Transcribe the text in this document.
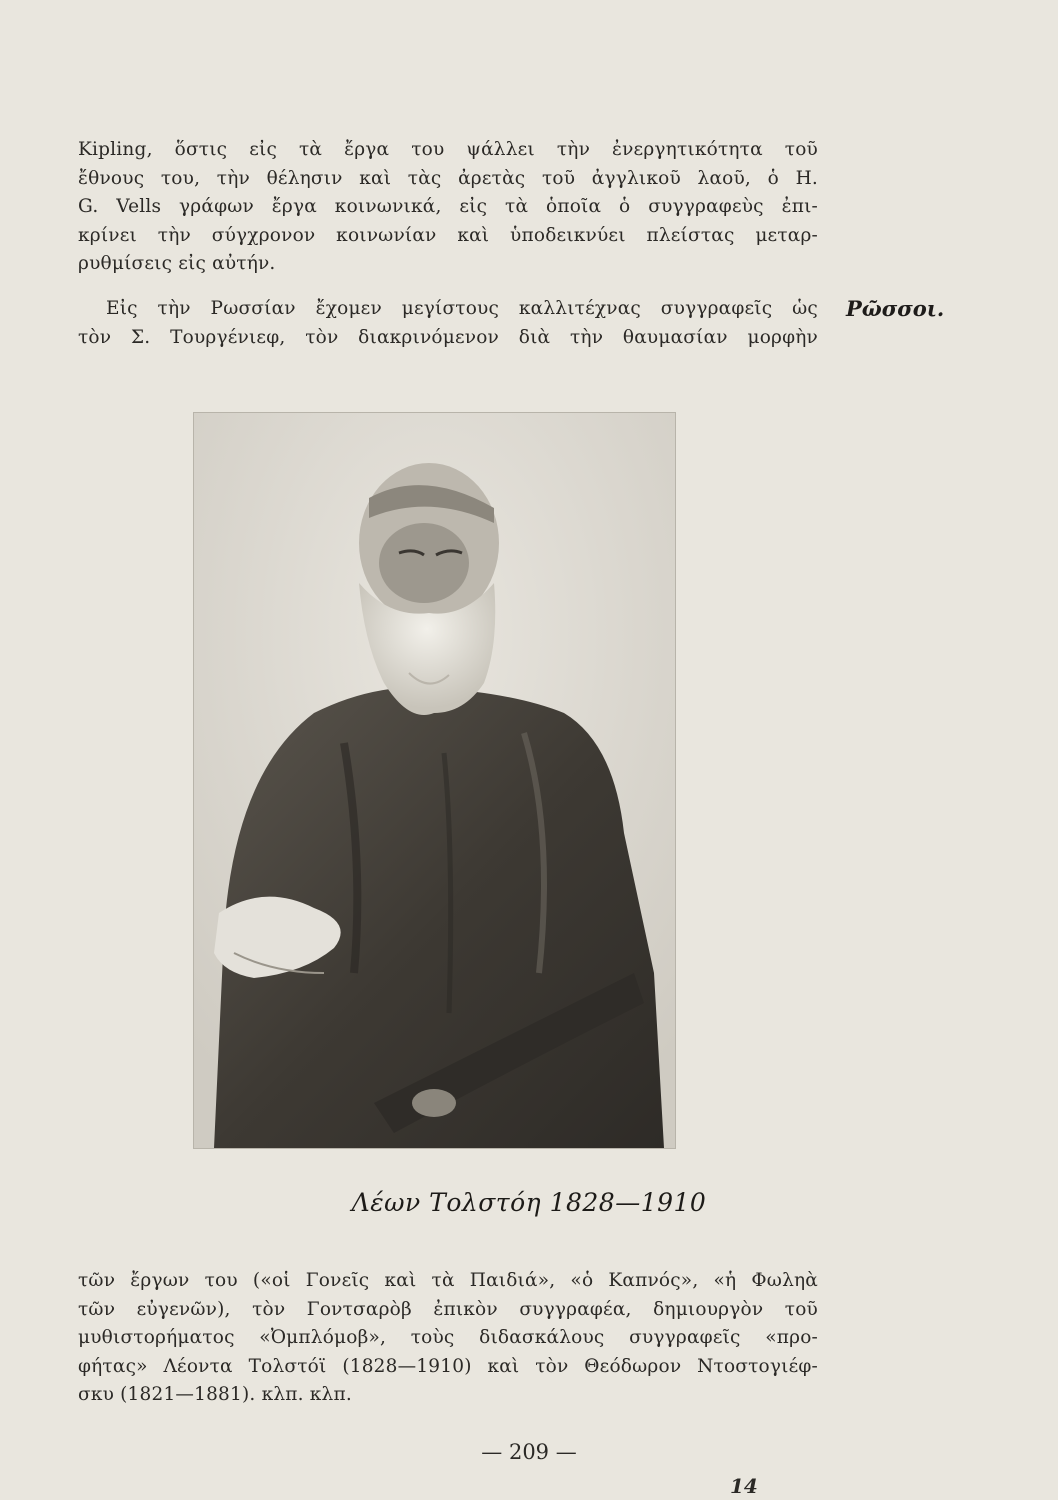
Kipling, ὅστις εἰς τὰ ἔργα του ψάλλει τὴν ἐνεργητικότητα τοῦ
ἔθνους του, τὴν θέλησιν καὶ τὰς ἀρετὰς τοῦ ἀγγλικοῦ λαοῦ, ὁ H.
G. Vells γράφων ἔργα κοινωνικά, εἰς τὰ ὁποῖα ὁ συγγραφεὺς ἐπι-
κρίνει τὴν σύγχρονον κοινωνίαν καὶ ὑποδεικνύει πλείστας μεταρ-
ρυθμίσεις εἰς αὐτήν.

Εἰς τὴν Ρωσσίαν ἔχομεν μεγίστους καλλιτέχνας συγγραφεῖς ὡς
τὸν Σ. Τουργένιεφ, τὸν διακρινόμενον διὰ τὴν θαυμασίαν μορφὴν

Ρῶσσοι.
Λέων Τολστόη 1828—1910

τῶν ἔργων του («οἱ Γονεῖς καὶ τὰ Παιδιά», «ὁ Καπνός», «ἡ Φωληὰ
τῶν εὐγενῶν), τὸν Γοντσαρὸβ ἐπικὸν συγγραφέα, δημιουργὸν τοῦ
μυθιστορήματος «Ὀμπλόμοβ», τοὺς διδασκάλους συγγραφεῖς «προ-
φήτας» Λέοντα Τολστόϊ (1828—1910) καὶ τὸν Θεόδωρον Ντοστογιέφ-
σκυ (1821—1881). κλπ. κλπ.

— 209 —
14
